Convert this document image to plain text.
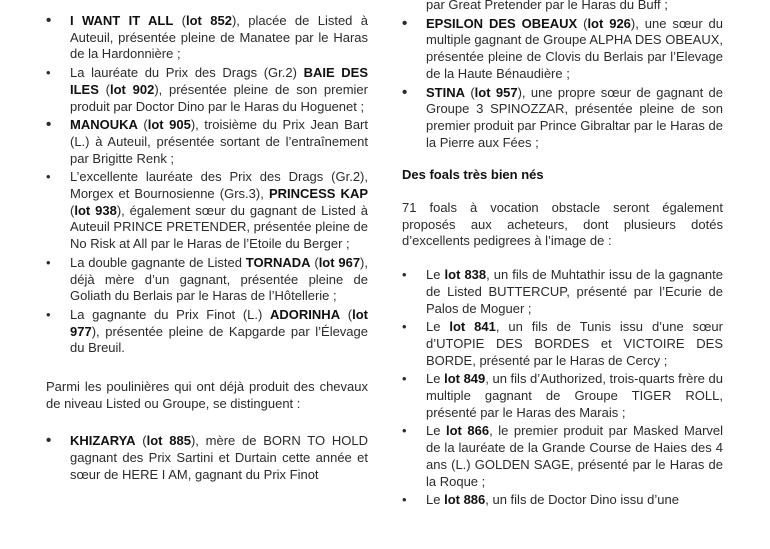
•	I WANT IT ALL (lot 852), placée de Listed à Auteuil, présentée pleine de Manatee par le Haras de la Hardonnière ;
•	La lauréate du Prix des Drags (Gr.2) BAIE DES ILES (lot 902), présentée pleine de son premier produit par Doctor Dino par le Haras du Hoguenet ;
•	MANOUKA (lot 905), troisième du Prix Jean Bart (L.) à Auteuil, présentée sortant de l’entraînement par Brigitte Renk ;
•	L’excellente lauréate des Prix des Drags (Gr.2), Morgex et Bournosienne (Grs.3), PRINCESS KAP (lot 938), également sœur du gagnant de Listed à Auteuil PRINCE PRETENDER, présentée pleine de No Risk at All par le Haras de l’Etoile du Berger ;
•	La double gagnante de Listed TORNADA (lot 967), déjà mère d’un gagnant, présentée pleine de Goliath du Berlais par le Haras de l’Hôtellerie ;
•	La gagnante du Prix Finot (L.) ADORINHA (lot 977), présentée pleine de Kapgarde par l’Élevage du Breuil.

Parmi les poulinières qui ont déjà produit des chevaux de niveau Listed ou Groupe, se distinguent :

•	KHIZARYA (lot 885), mère de BORN TO HOLD gagnant des Prix Sartini et Durtain cette année et sœur de HERE I AM, gagnant du Prix Finot
par Great Pretender par le Haras du Buff ;
•	EPSILON DES OBEAUX (lot 926), une sœur du multiple gagnant de Groupe ALPHA DES OBEAUX, présentée pleine de Clovis du Berlais par l’Elevage de la Haute Bénaudière ;
•	STINA (lot 957), une propre sœur de gagnant de Groupe 3 SPINOZZAR, présentée pleine de son premier produit par Prince Gibraltar par le Haras de la Pierre aux Fées ;

Des foals très bien nés

71 foals à vocation obstacle seront également proposés aux acheteurs, dont plusieurs dotés d’excellents pedigrees à l’image de :

•	Le lot 838, un fils de Muhtathir issu de la gagnante de Listed BUTTERCUP, présenté par l’Ecurie de Palos de Moguer ;
•	Le lot 841, un fils de Tunis issu d’une sœur d’UTOPIE DES BORDES et VICTOIRE DES BORDE, présenté par le Haras de Cercy ;
•	Le lot 849, un fils d’Authorized, trois-quarts frère du multiple gagnant de Groupe TIGER ROLL, présenté par le Haras des Marais ;
•	Le lot 866, le premier produit par Masked Marvel de la lauréate de la Grande Course de Haies des 4 ans (L.) GOLDEN SAGE, présenté par le Haras de la Roque ;
•	Le lot 886, un fils de Doctor Dino issu d’une
